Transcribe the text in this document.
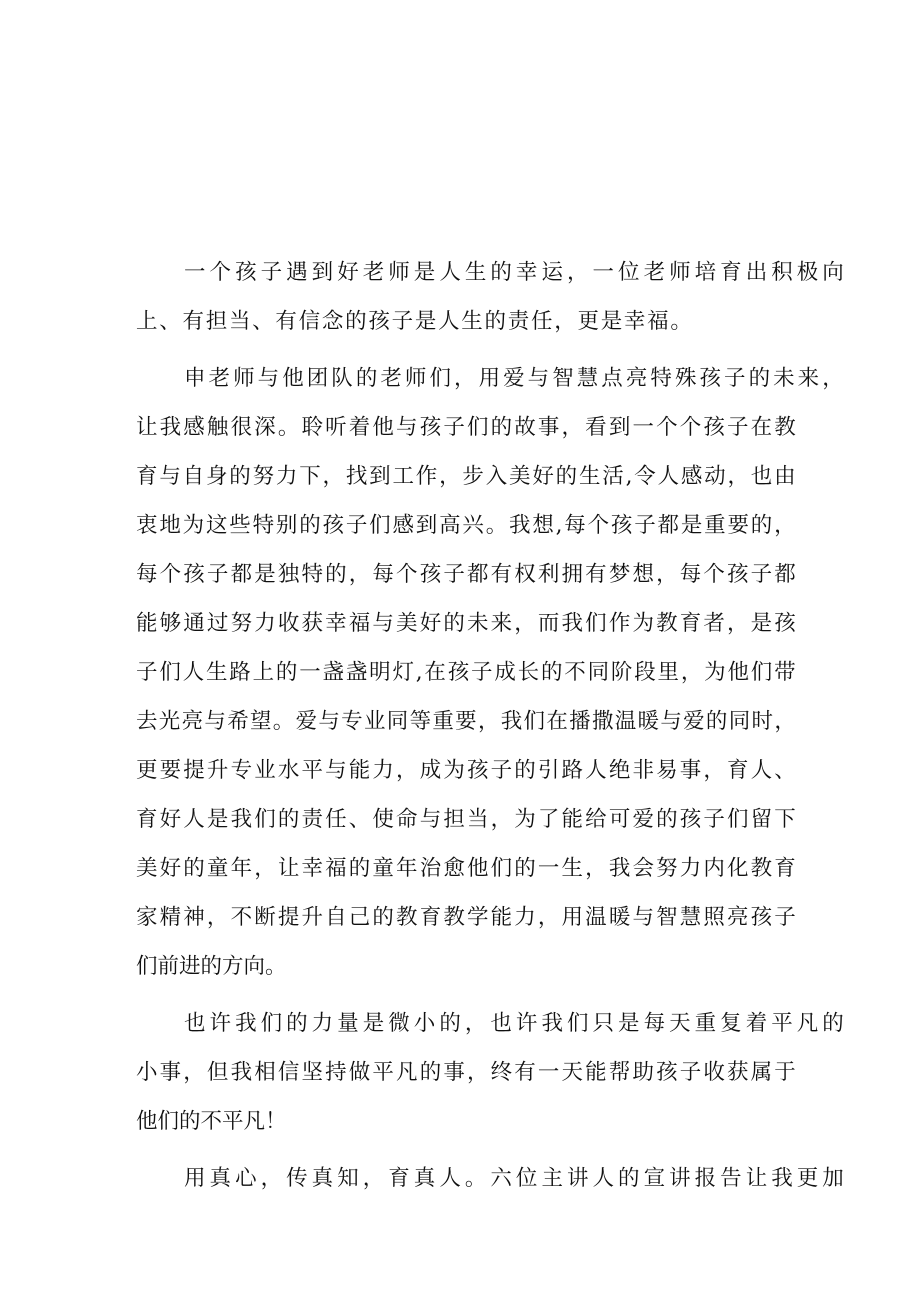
一 个 孩 子 遇 到 好 老 师 是 人 生 的 幸 运 ， 一 位 老 师 培 育 出 积 极 向
上 、 有 担 当 、 有 信 念 的 孩 子 是 人 生 的 责 任 ， 更 是 幸 福 。
申 老 师 与 他 团 队 的 老 师 们 ， 用 爱 与 智 慧 点 亮 特 殊 孩 子 的 未 来 ，
让 我 感 触 很 深 。 聆 听 着 他 与 孩 子 们 的 故 事 ， 看 到 一 个 个 孩 子 在 教
育 与 自 身 的 努 力 下 ， 找 到 工 作 ， 步 入 美 好 的 生 活 , 令 人 感 动 ， 也 由
衷 地 为 这 些 特 别 的 孩 子 们 感 到 高 兴 。 我 想 , 每 个 孩 子 都 是 重 要 的 ，
每 个 孩 子 都 是 独 特 的 ， 每 个 孩 子 都 有 权 利 拥 有 梦 想 ， 每 个 孩 子 都
能 够 通 过 努 力 收 获 幸 福 与 美 好 的 未 来 ， 而 我 们 作 为 教 育 者 ， 是 孩
子 们 人 生 路 上 的 一 盏 盏 明 灯 , 在 孩 子 成 长 的 不 同 阶 段 里 ， 为 他 们 带
去 光 亮 与 希 望 。 爱 与 专 业 同 等 重 要 ， 我 们 在 播 撒 温 暖 与 爱 的 同 时 ，
更 要 提 升 专 业 水 平 与 能 力 ， 成 为 孩 子 的 引 路 人 绝 非 易 事 ， 育 人 、
育 好 人 是 我 们 的 责 任 、 使 命 与 担 当 ， 为 了 能 给 可 爱 的 孩 子 们 留 下
美 好 的 童 年 ， 让 幸 福 的 童 年 治 愈 他 们 的 一 生 ， 我 会 努 力 内 化 教 育
家 精 神 ， 不 断 提 升 自 己 的 教 育 教 学 能 力 ， 用 温 暖 与 智 慧 照 亮 孩 子
们前进的方向。
也 许 我 们 的 力 量 是 微 小 的 ， 也 许 我 们 只 是 每 天 重 复 着 平 凡 的
小 事 ， 但 我 相 信 坚 持 做 平 凡 的 事 ， 终 有 一 天 能 帮 助 孩 子 收 获 属 于
他们的不平凡！
用 真 心 ， 传 真 知 ， 育 真 人 。 六 位 主 讲 人 的 宣 讲 报 告 让 我 更 加
